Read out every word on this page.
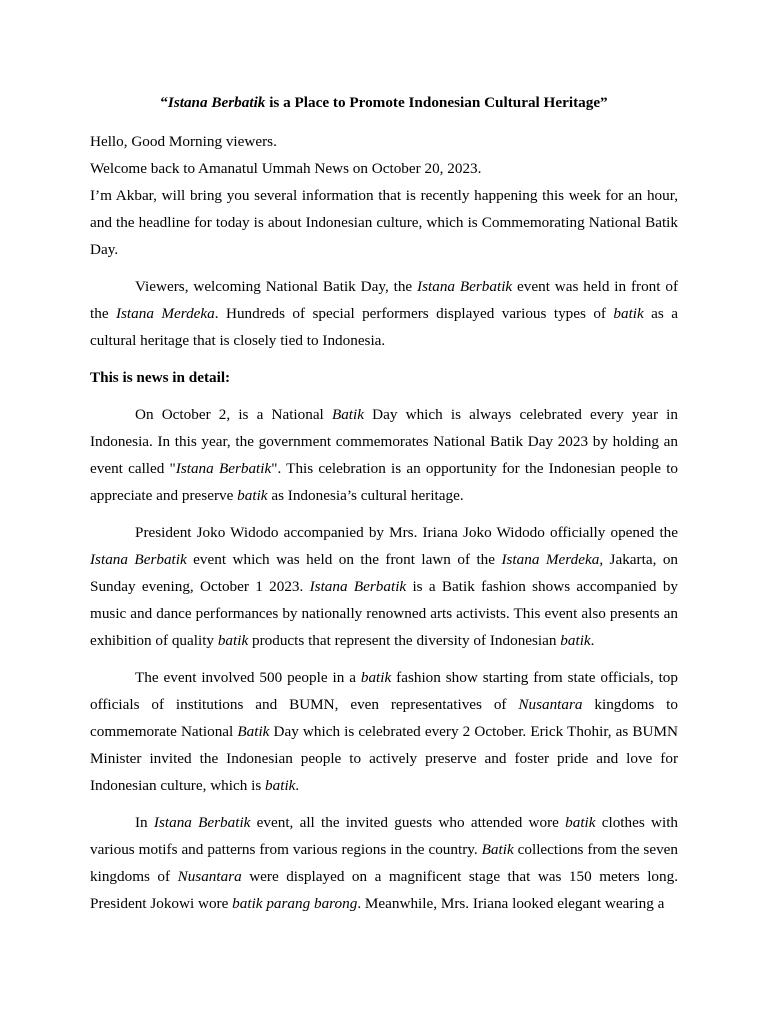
“Istana Berbatik is a Place to Promote Indonesian Cultural Heritage”

Hello, Good Morning viewers.

Welcome back to Amanatul Ummah News on October 20, 2023.

I’m Akbar, will bring you several information that is recently happening this week for an hour, and the headline for today is about Indonesian culture, which is Commemorating National Batik Day.

Viewers, welcoming National Batik Day, the Istana Berbatik event was held in front of the Istana Merdeka. Hundreds of special performers displayed various types of batik as a cultural heritage that is closely tied to Indonesia.

This is news in detail:

On October 2, is a National Batik Day which is always celebrated every year in Indonesia. In this year, the government commemorates National Batik Day 2023 by holding an event called "Istana Berbatik". This celebration is an opportunity for the Indonesian people to appreciate and preserve batik as Indonesia’s cultural heritage.

President Joko Widodo accompanied by Mrs. Iriana Joko Widodo officially opened the Istana Berbatik event which was held on the front lawn of the Istana Merdeka, Jakarta, on Sunday evening, October 1 2023. Istana Berbatik is a Batik fashion shows accompanied by music and dance performances by nationally renowned arts activists. This event also presents an exhibition of quality batik products that represent the diversity of Indonesian batik.

The event involved 500 people in a batik fashion show starting from state officials, top officials of institutions and BUMN, even representatives of Nusantara kingdoms to commemorate National Batik Day which is celebrated every 2 October. Erick Thohir, as BUMN Minister invited the Indonesian people to actively preserve and foster pride and love for Indonesian culture, which is batik.

In Istana Berbatik event, all the invited guests who attended wore batik clothes with various motifs and patterns from various regions in the country. Batik collections from the seven kingdoms of Nusantara were displayed on a magnificent stage that was 150 meters long. President Jokowi wore batik parang barong. Meanwhile, Mrs. Iriana looked elegant wearing a
